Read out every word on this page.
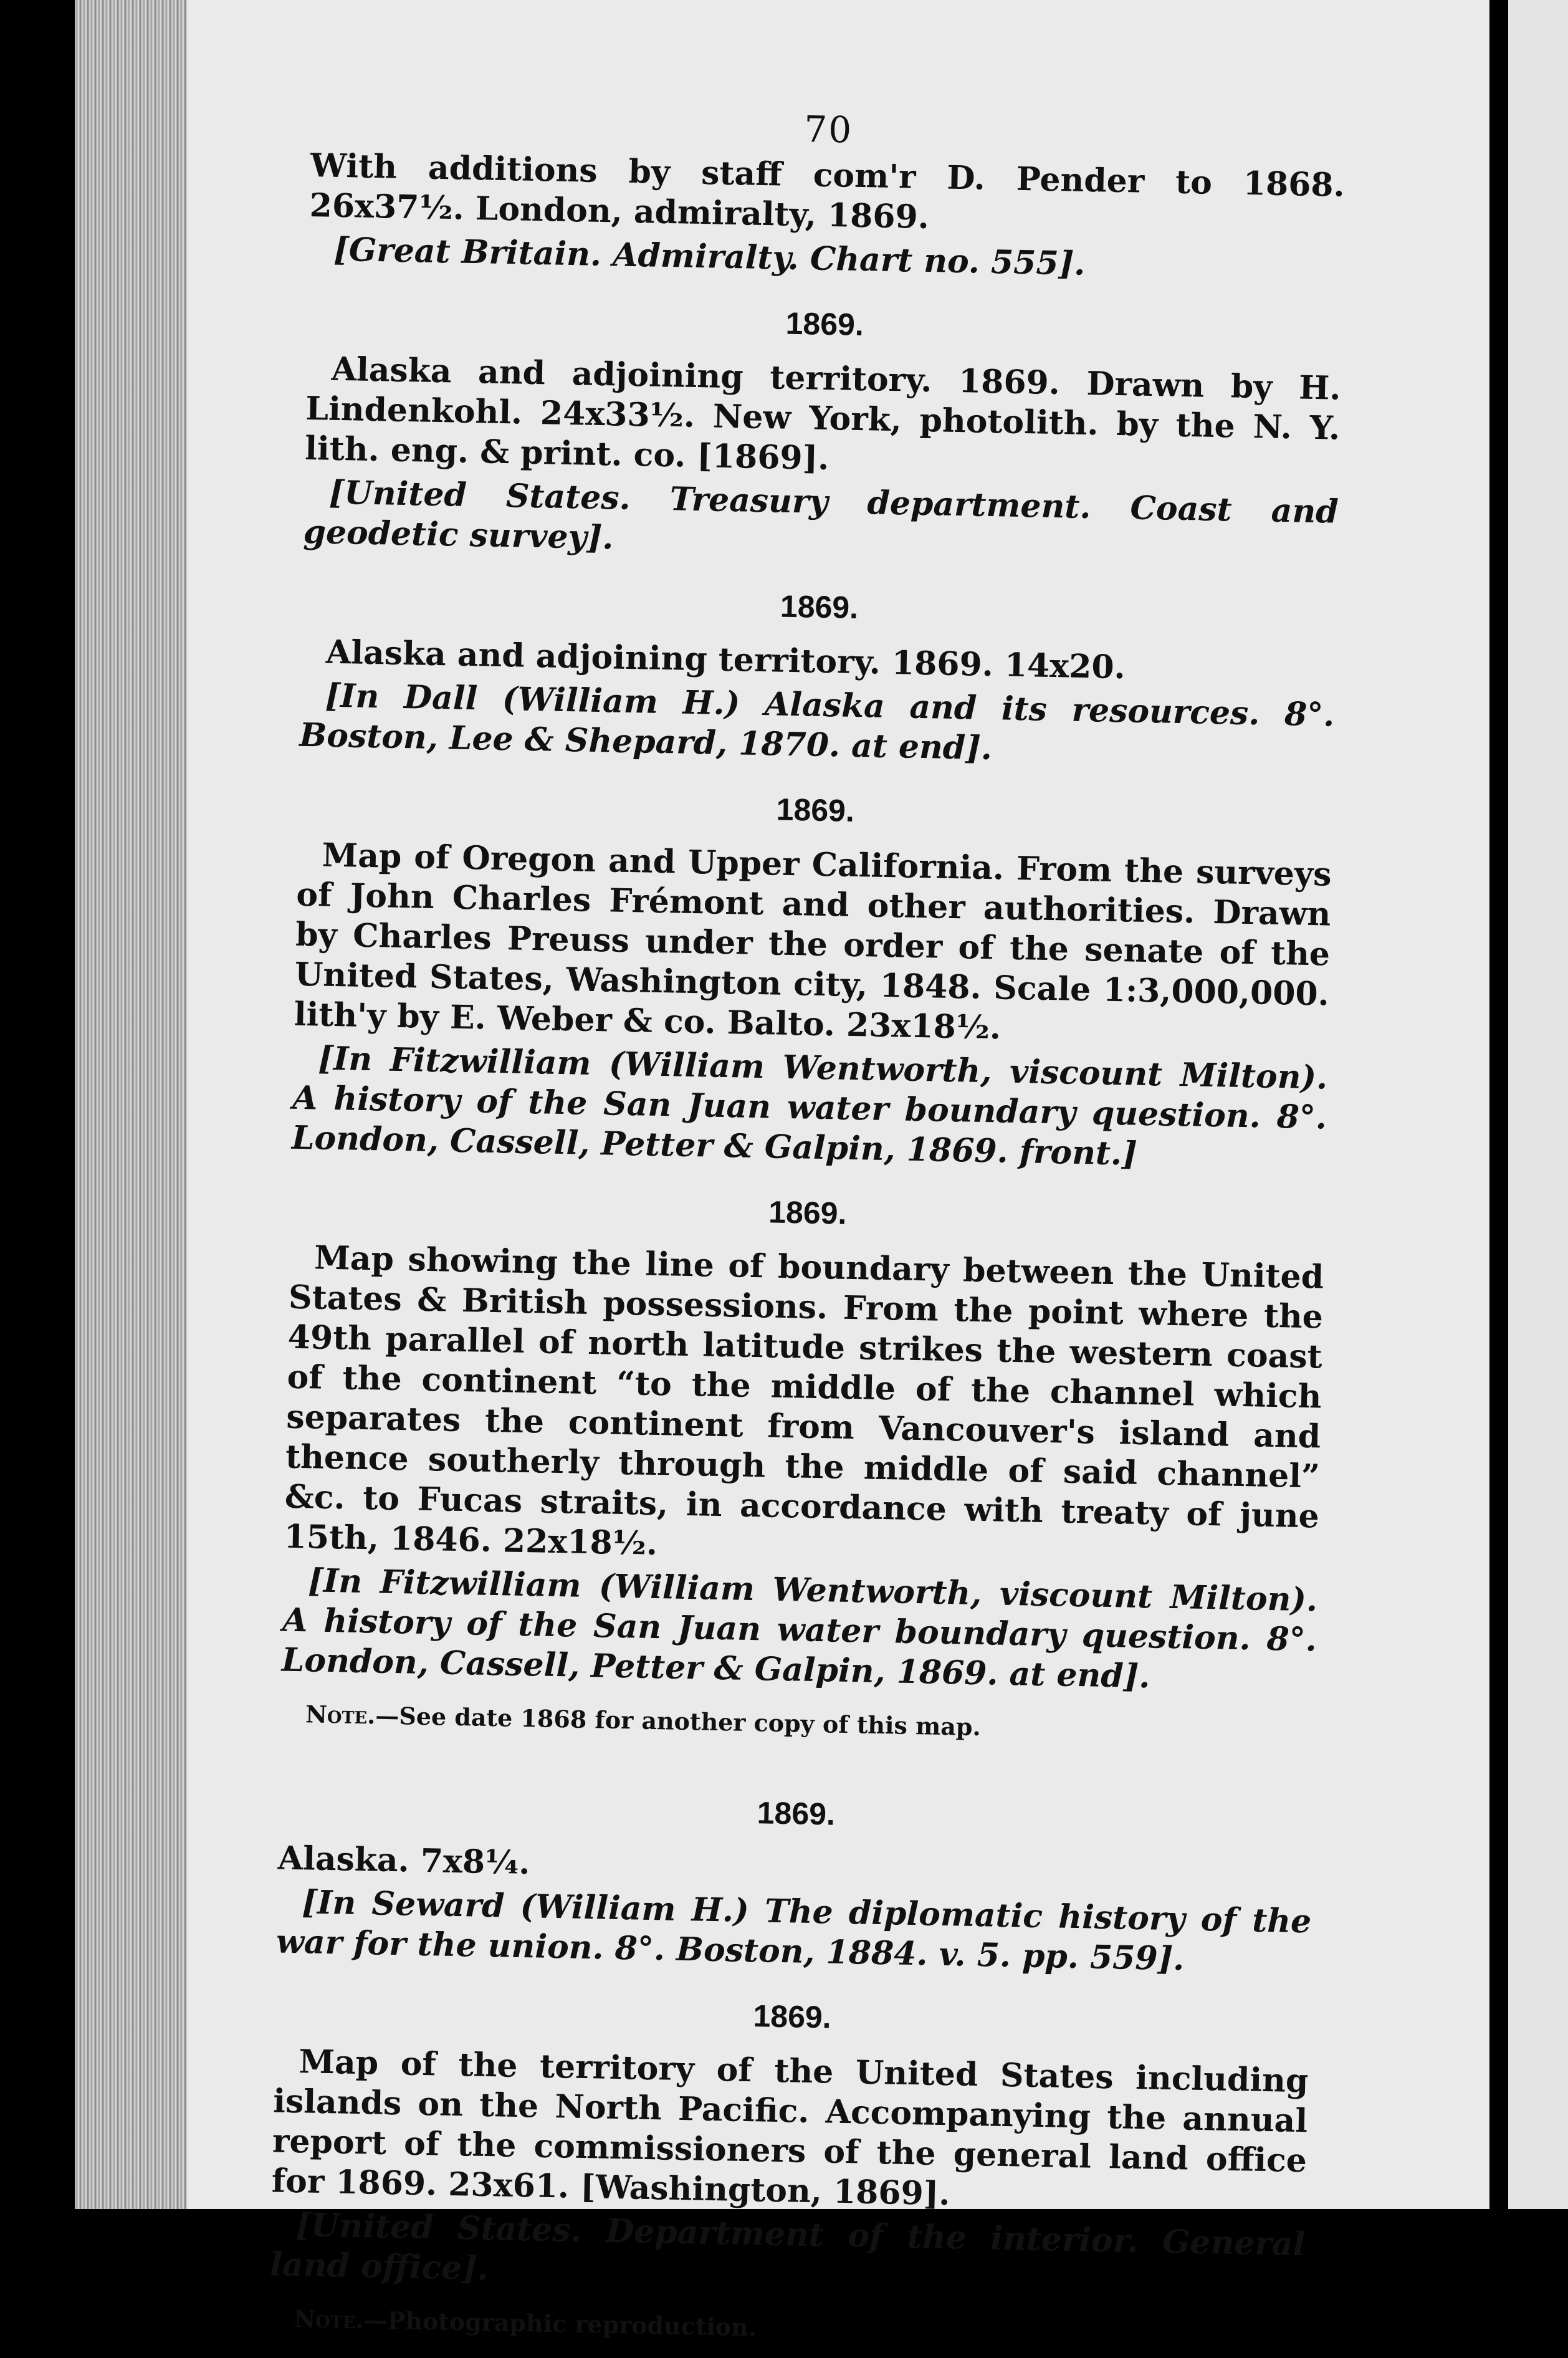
70

With additions by staff com'r D. Pender to 1868. 26x37½. London, admiralty, 1869.

[Great Britain. Admiralty. Chart no. 555].

1869.

Alaska and adjoining territory. 1869. Drawn by H. Lindenkohl. 24x33½. New York, photolith. by the N. Y. lith. eng. & print. co. [1869].

[United States. Treasury department. Coast and geodetic survey].

1869.

Alaska and adjoining territory. 1869. 14x20.

[In Dall (William H.) Alaska and its resources. 8°. Boston, Lee & Shepard, 1870. at end].

1869.

Map of Oregon and Upper California. From the surveys of John Charles Frémont and other authorities. Drawn by Charles Preuss under the order of the senate of the United States, Washington city, 1848. Scale 1:3,000,000. lith'y by E. Weber & co. Balto. 23x18½.

[In Fitzwilliam (William Wentworth, viscount Milton). A history of the San Juan water boundary question. 8°. London, Cassell, Petter & Galpin, 1869. front.]

1869.

Map showing the line of boundary between the United States & British possessions. From the point where the 49th parallel of north latitude strikes the western coast of the continent “to the middle of the channel which separates the continent from Vancouver's island and thence southerly through the middle of said channel” &c. to Fucas straits, in accordance with treaty of june 15th, 1846. 22x18½.

[In Fitzwilliam (William Wentworth, viscount Milton). A history of the San Juan water boundary question. 8°. London, Cassell, Petter & Galpin, 1869. at end].

Note.—See date 1868 for another copy of this map.

1869.

Alaska. 7x8¼.

[In Seward (William H.) The diplomatic history of the war for the union. 8°. Boston, 1884. v. 5. pp. 559].

1869.

Map of the territory of the United States including islands on the North Pacific. Accompanying the annual report of the commissioners of the general land office for 1869. 23x61. [Washington, 1869].

[United States. Department of the interior. General land office].

Note.—Photographic reproduction.
